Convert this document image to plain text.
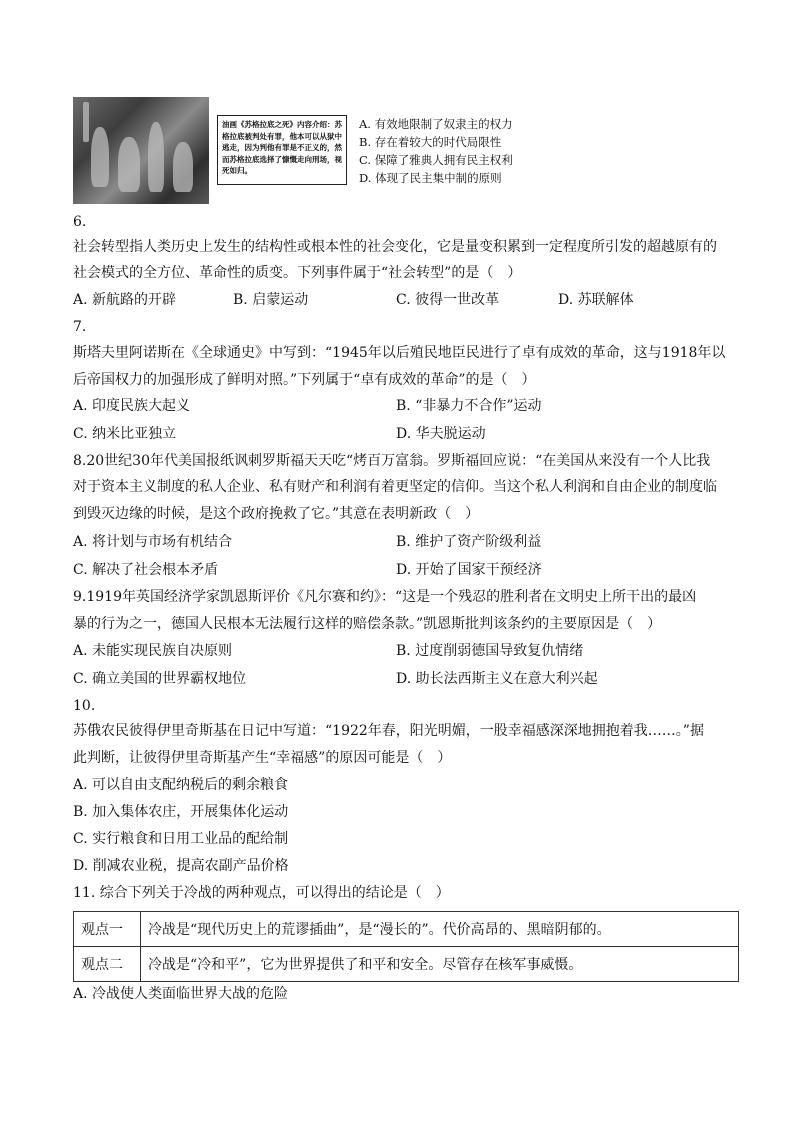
油画《苏格拉底之死》内容介绍：苏格拉底被判处有罪，他本可以从狱中逃走，因为判他有罪是不正义的，然而苏格拉底选择了慷慨走向刑场，视死如归。
A. 有效地限制了奴隶主的权力
B. 存在着较大的时代局限性
C. 保障了雅典人拥有民主权利
D. 体现了民主集中制的原则
6.
社会转型指人类历史上发生的结构性或根本性的社会变化，它是量变积累到一定程度所引发的超越原有的
社会模式的全方位、革命性的质变。下列事件属于“社会转型”的是（　）
A. 新航路的开辟	B. 启蒙运动	C. 彼得一世改革	D. 苏联解体
7.
斯塔夫里阿诺斯在《全球通史》中写到：“1945年以后殖民地臣民进行了卓有成效的革命，这与1918年以
后帝国权力的加强形成了鲜明对照。”下列属于“卓有成效的革命”的是（　）
A. 印度民族大起义	B. “非暴力不合作”运动
C. 纳米比亚独立	D. 华夫脱运动
8.20世纪30年代美国报纸讽刺罗斯福天天吃“烤百万富翁。罗斯福回应说：“在美国从来没有一个人比我
对于资本主义制度的私人企业、私有财产和利润有着更坚定的信仰。当这个私人利润和自由企业的制度临
到毁灭边缘的时候，是这个政府挽救了它。”其意在表明新政（　）
A. 将计划与市场有机结合	B. 维护了资产阶级利益
C. 解决了社会根本矛盾	D. 开始了国家干预经济
9.1919年英国经济学家凯恩斯评价《凡尔赛和约》：“这是一个残忍的胜利者在文明史上所干出的最凶
暴的行为之一，德国人民根本无法履行这样的赔偿条款。”凯恩斯批判该条约的主要原因是（　）
A. 未能实现民族自决原则	B. 过度削弱德国导致复仇情绪
C. 确立美国的世界霸权地位	D. 助长法西斯主义在意大利兴起
10.
苏俄农民彼得伊里奇斯基在日记中写道：“1922年春，阳光明媚，一股幸福感深深地拥抱着我……。”据
此判断，让彼得伊里奇斯基产生“幸福感”的原因可能是（　）
A. 可以自由支配纳税后的剩余粮食
B. 加入集体农庄，开展集体化运动
C. 实行粮食和日用工业品的配给制
D. 削减农业税，提高农副产品价格
11. 综合下列关于冷战的两种观点，可以得出的结论是（　）
观点一	冷战是“现代历史上的荒谬插曲”，是“漫长的”。代价高昂的、黑暗阴郁的。
观点二	冷战是“冷和平”，它为世界提供了和平和安全。尽管存在核军事威慑。
A. 冷战使人类面临世界大战的危险
